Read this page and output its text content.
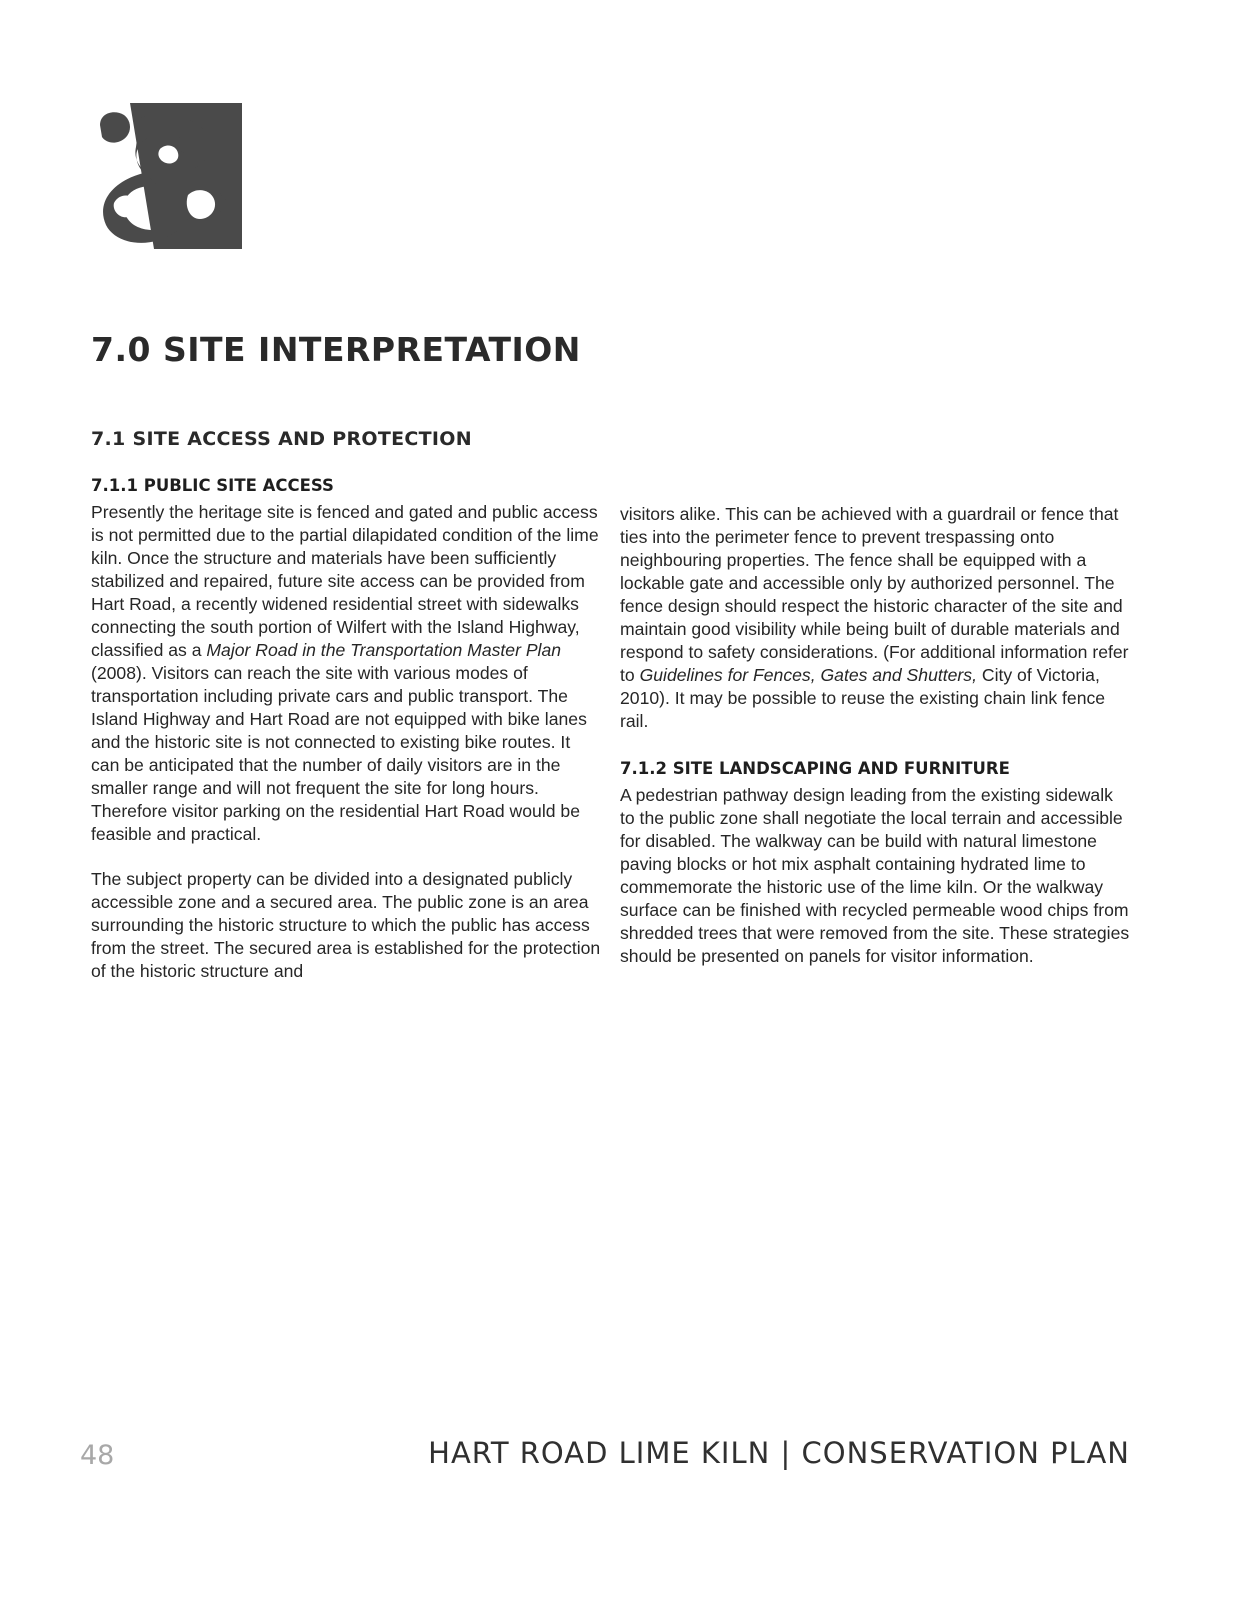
7.0 SITE INTERPRETATION
7.1 SITE ACCESS AND PROTECTION
7.1.1 PUBLIC SITE ACCESS

Presently the heritage site is fenced and gated and public access is not permitted due to the partial dilapidated condition of the lime kiln. Once the structure and materials have been sufficiently stabilized and repaired, future site access can be provided from Hart Road, a recently widened residential street with sidewalks connecting the south portion of Wilfert with the Island Highway, classified as a Major Road in the Transportation Master Plan (2008). Visitors can reach the site with various modes of transportation including private cars and public transport. The Island Highway and Hart Road are not equipped with bike lanes and the historic site is not connected to existing bike routes. It can be anticipated that the number of daily visitors are in the smaller range and will not frequent the site for long hours. Therefore visitor parking on the residential Hart Road would be feasible and practical.

The subject property can be divided into a designated publicly accessible zone and a secured area. The public zone is an area surrounding the historic structure to which the public has access from the street. The secured area is established for the protection of the historic structure and

visitors alike. This can be achieved with a guardrail or fence that ties into the perimeter fence to prevent trespassing onto neighbouring properties. The fence shall be equipped with a lockable gate and accessible only by authorized personnel. The fence design should respect the historic character of the site and maintain good visibility while being built of durable materials and respond to safety considerations. (For additional information refer to Guidelines for Fences, Gates and Shutters, City of Victoria, 2010). It may be possible to reuse the existing chain link fence rail.

7.1.2 SITE LANDSCAPING AND FURNITURE

A pedestrian pathway design leading from the existing sidewalk to the public zone shall negotiate the local terrain and accessible for disabled. The walkway can be build with natural limestone paving blocks or hot mix asphalt containing hydrated lime to commemorate the historic use of the lime kiln. Or the walkway surface can be finished with recycled permeable wood chips from shredded trees that were removed from the site. These strategies should be presented on panels for visitor information.

48	HART ROAD LIME KILN | CONSERVATION PLAN
